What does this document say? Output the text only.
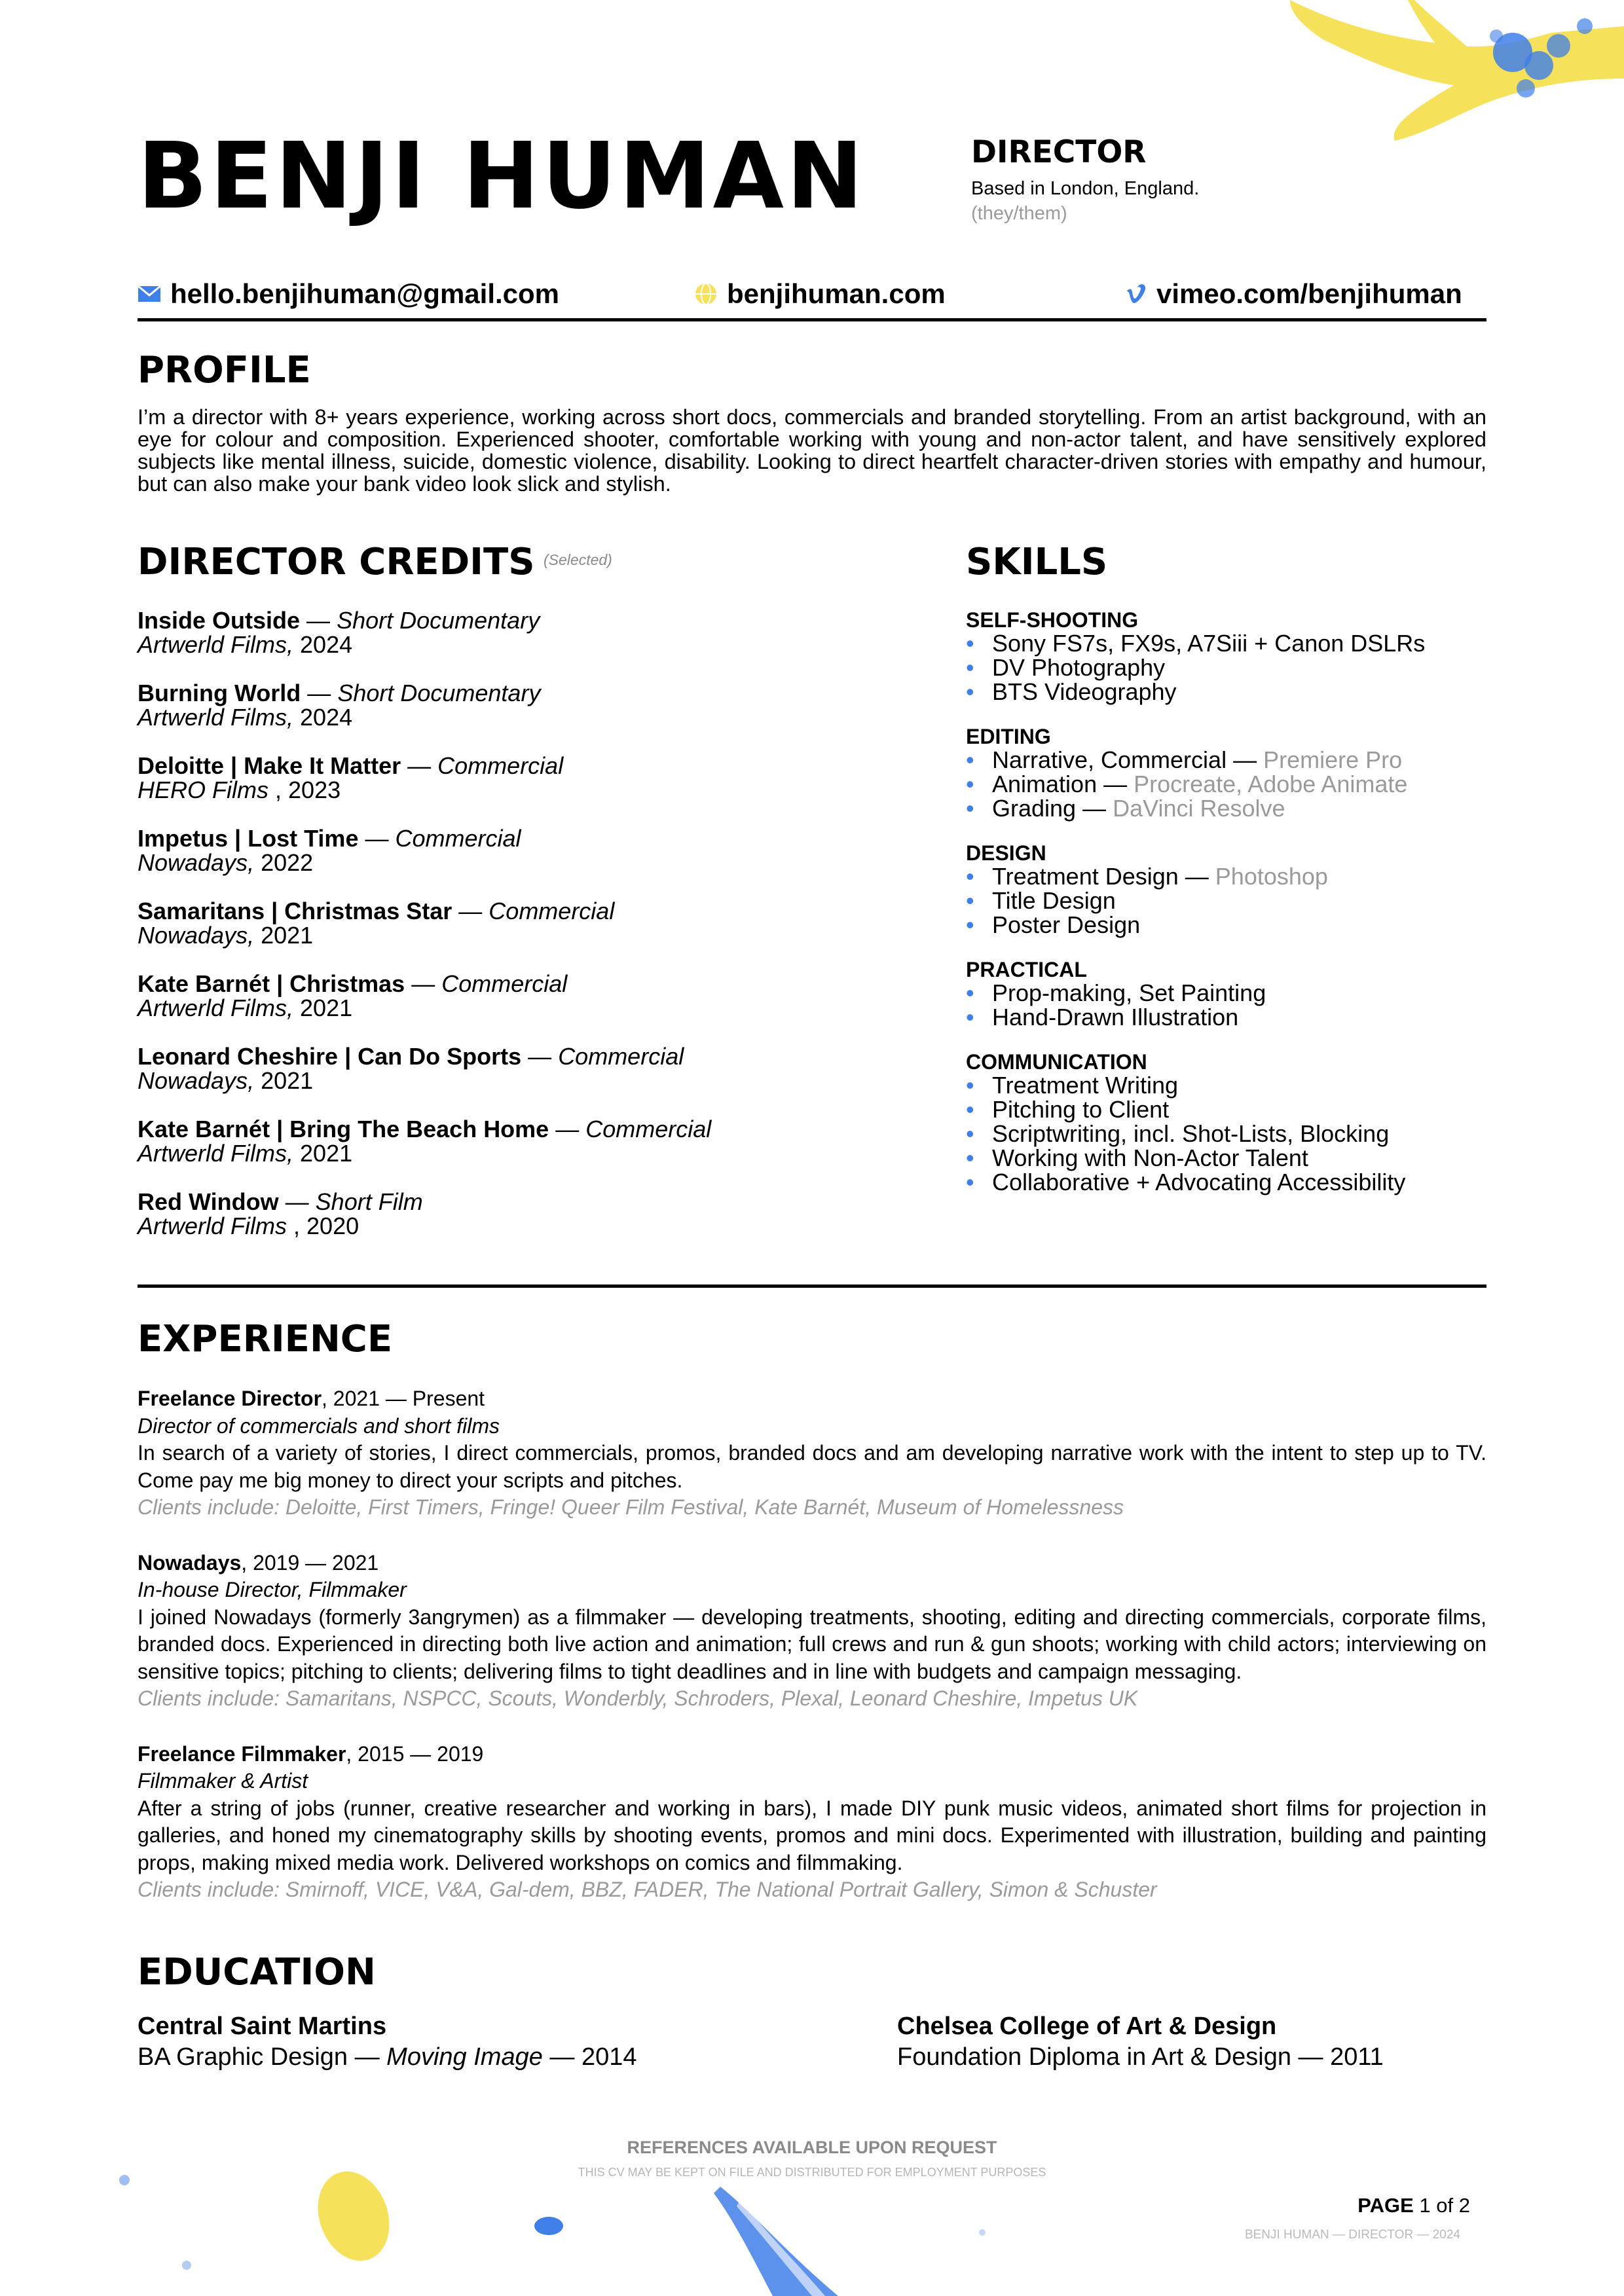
BENJI HUMAN	DIRECTOR
Based in London, England.
(they/them)
hello.benjihuman@gmail.com	benjihuman.com	vimeo.com/benjihuman
PROFILE
I’m a director with 8+ years experience, working across short docs, commercials and branded storytelling. From an artist background, with an eye for colour and composition. Experienced shooter, comfortable working with young and non-actor talent, and have sensitively explored subjects like mental illness, suicide, domestic violence, disability. Looking to direct heartfelt character-driven stories with empathy and humour, but can also make your bank video look slick and stylish.
DIRECTOR CREDITS (Selected)
Inside Outside — Short Documentary
Artwerld Films, 2024
Burning World — Short Documentary
Artwerld Films, 2024
Deloitte | Make It Matter — Commercial
HERO Films , 2023
Impetus | Lost Time — Commercial
Nowadays, 2022
Samaritans | Christmas Star — Commercial
Nowadays, 2021
Kate Barnét | Christmas — Commercial
Artwerld Films, 2021
Leonard Cheshire | Can Do Sports — Commercial
Nowadays, 2021
Kate Barnét | Bring The Beach Home — Commercial
Artwerld Films, 2021
Red Window — Short Film
Artwerld Films , 2020
SKILLS
SELF-SHOOTING
• Sony FS7s, FX9s, A7Siii + Canon DSLRs
• DV Photography
• BTS Videography
EDITING
• Narrative, Commercial — Premiere Pro
• Animation — Procreate, Adobe Animate
• Grading — DaVinci Resolve
DESIGN
• Treatment Design — Photoshop
• Title Design
• Poster Design
PRACTICAL
• Prop-making, Set Painting
• Hand-Drawn Illustration
COMMUNICATION
• Treatment Writing
• Pitching to Client
• Scriptwriting, incl. Shot-Lists, Blocking
• Working with Non-Actor Talent
• Collaborative + Advocating Accessibility
EXPERIENCE
Freelance Director, 2021 — Present
Director of commercials and short films
In search of a variety of stories, I direct commercials, promos, branded docs and am developing narrative work with the intent to step up to TV. Come pay me big money to direct your scripts and pitches.
Clients include: Deloitte, First Timers, Fringe! Queer Film Festival, Kate Barnét, Museum of Homelessness
Nowadays, 2019 — 2021
In-house Director, Filmmaker
I joined Nowadays (formerly 3angrymen) as a filmmaker — developing treatments, shooting, editing and directing commercials, corporate films, branded docs. Experienced in directing both live action and animation; full crews and run & gun shoots; working with child actors; interviewing on sensitive topics; pitching to clients; delivering films to tight deadlines and in line with budgets and campaign messaging.
Clients include: Samaritans, NSPCC, Scouts, Wonderbly, Schroders, Plexal, Leonard Cheshire, Impetus UK
Freelance Filmmaker, 2015 — 2019
Filmmaker & Artist
After a string of jobs (runner, creative researcher and working in bars), I made DIY punk music videos, animated short films for projection in galleries, and honed my cinematography skills by shooting events, promos and mini docs. Experimented with illustration, building and painting props, making mixed media work. Delivered workshops on comics and filmmaking.
Clients include: Smirnoff, VICE, V&A, Gal-dem, BBZ, FADER, The National Portrait Gallery, Simon & Schuster
EDUCATION
Central Saint Martins
BA Graphic Design — Moving Image — 2014
Chelsea College of Art & Design
Foundation Diploma in Art & Design — 2011
REFERENCES AVAILABLE UPON REQUEST
THIS CV MAY BE KEPT ON FILE AND DISTRIBUTED FOR EMPLOYMENT PURPOSES
PAGE 1 of 2
BENJI HUMAN — DIRECTOR — 2024
